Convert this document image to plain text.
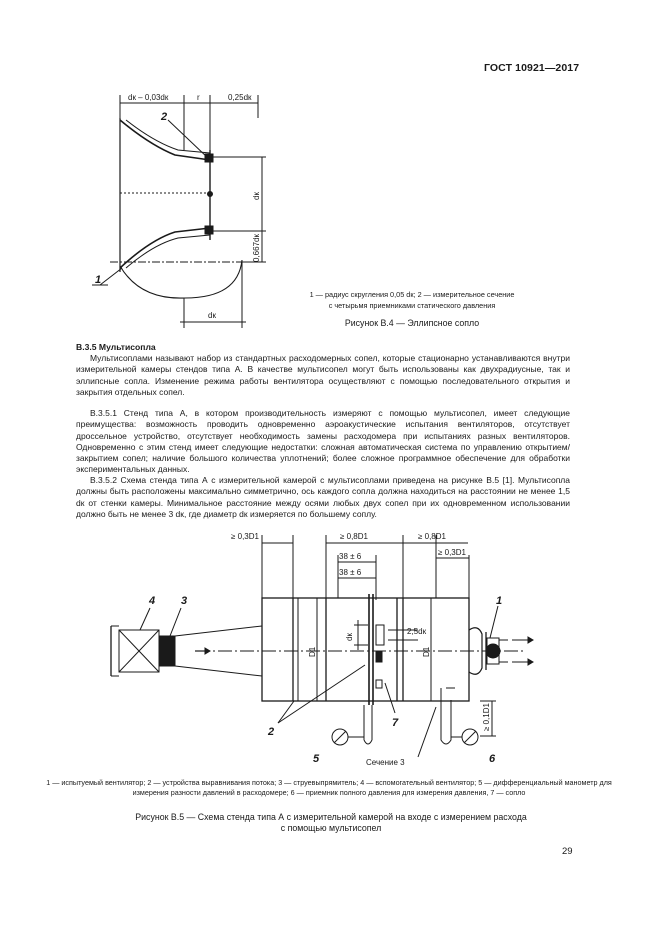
ГОСТ 10921—2017
dк – 0,03dк	r	0,25dк
dк
0,667dк
dк
2
1
1 — радиус скругления 0,05 dк; 2 — измерительное сечение
с четырьмя приемниками статического давления
Рисунок В.4 — Эллипсное сопло
В.3.5 Мультисопла

Мультисоплами называют набор из стандартных расходомерных сопел, которые стационарно устанавливаются внутри измерительной камеры стендов типа А. В качестве мультисопел могут быть использованы как двухрадиусные, так и эллипсные сопла. Изменение режима работы вентилятора осуществляют с помощью последовательного открытия и закрытия отдельных сопел.

В.3.5.1 Стенд типа А, в котором производительность измеряют с помощью мультисопел, имеет следующие преимущества: возможность проводить одновременно аэроакустические испытания вентиляторов, отсутствует дроссельное устройство, отсутствует необходимость замены расходомера при испытаниях разных вентиляторов. Одновременно с этим стенд имеет следующие недостатки: сложная автоматическая система по управлению открытием/закрытием сопел; наличие большого количества уплотнений; более сложное программное обеспечение для обработки экспериментальных данных.

В.3.5.2 Схема стенда типа А с измерительной камерой с мультисоплами приведена на рисунке В.5 [1]. Мультисопла должны быть расположены максимально симметрично, ось каждого сопла должна находиться на расстоянии не менее 1,5 dк от стенки камеры. Минимальное расстояние между осями любых двух сопел при их одновременном использовании должно быть не менее 3 dк, где диаметр dк измеряется по большему соплу.

≥ 0,3D1	≥ 0,8D1	≥ 0,8D1
≥ 0,3D1
38 ± 6
38 ± 6
dк
2,5dк
D1	D1
≥ 0,1D1
Сечение 3
1
2
3
4
5	6
7
1 — испытуемый вентилятор; 2 — устройства выравнивания потока; 3 — струевыпрямитель; 4 — вспомогательный вентилятор; 5 — дифференциальный манометр для измерения разности давлений в расходомере; 6 — приемник полного давления для измерения давления, 7 — сопло
Рисунок В.5 — Схема стенда типа А с измерительной камерой на входе с измерением расхода
с помощью мультисопел
29
